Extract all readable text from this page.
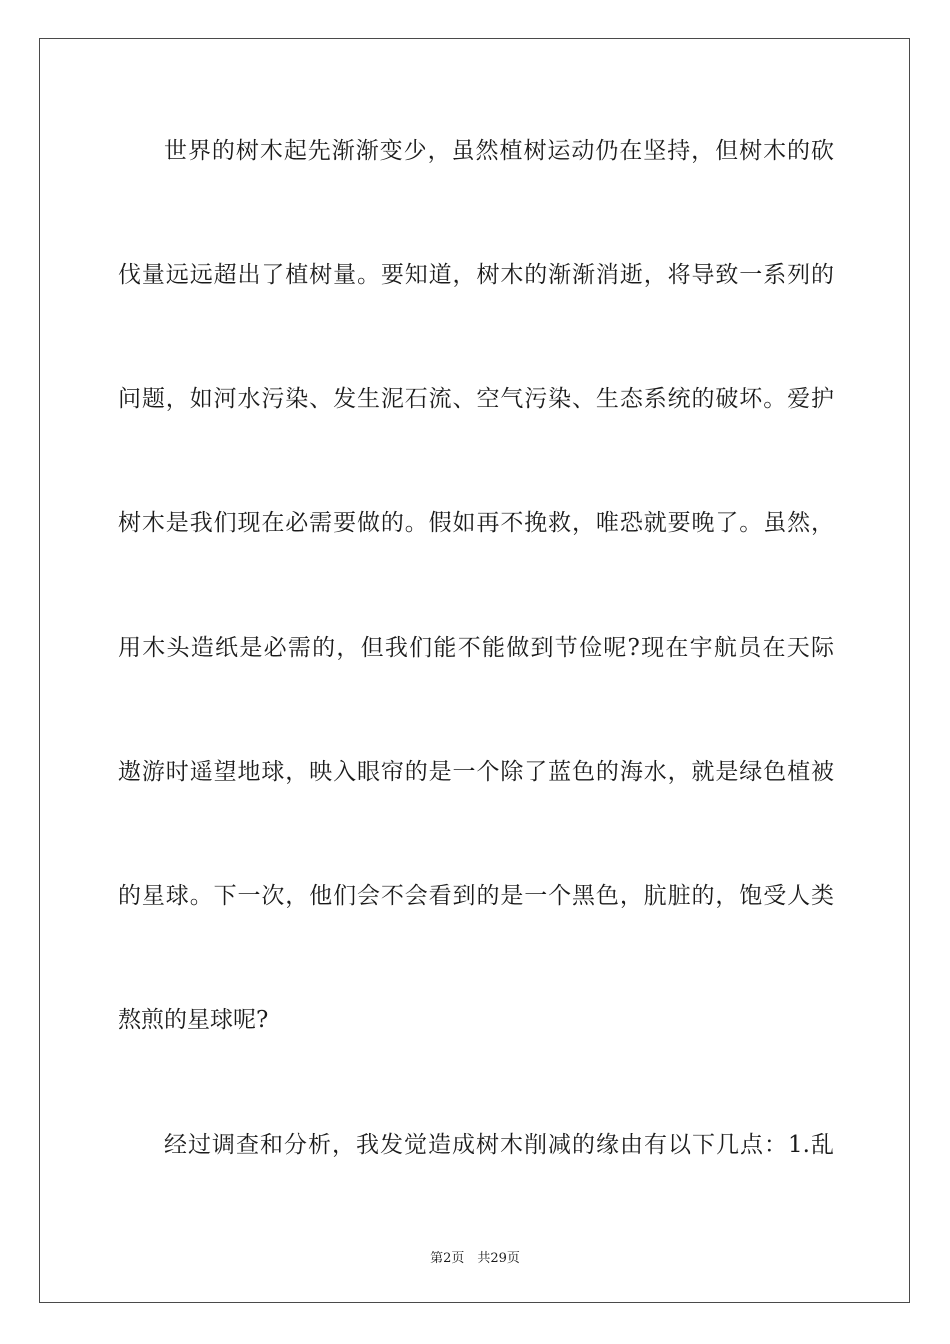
世界的树木起先渐渐变少，虽然植树运动仍在坚持，但树木的砍
伐量远远超出了植树量。要知道，树木的渐渐消逝，将导致一系列的
问题，如河水污染、发生泥石流、空气污染、生态系统的破坏。爱护
树木是我们现在必需要做的。假如再不挽救，唯恐就要晚了。虽然，
用木头造纸是必需的，但我们能不能做到节俭呢?现在宇航员在天际
遨游时遥望地球，映入眼帘的是一个除了蓝色的海水，就是绿色植被
的星球。下一次，他们会不会看到的是一个黑色，肮脏的，饱受人类
熬煎的星球呢?
经过调查和分析，我发觉造成树木削减的缘由有以下几点：1.乱
第2页　共29页
